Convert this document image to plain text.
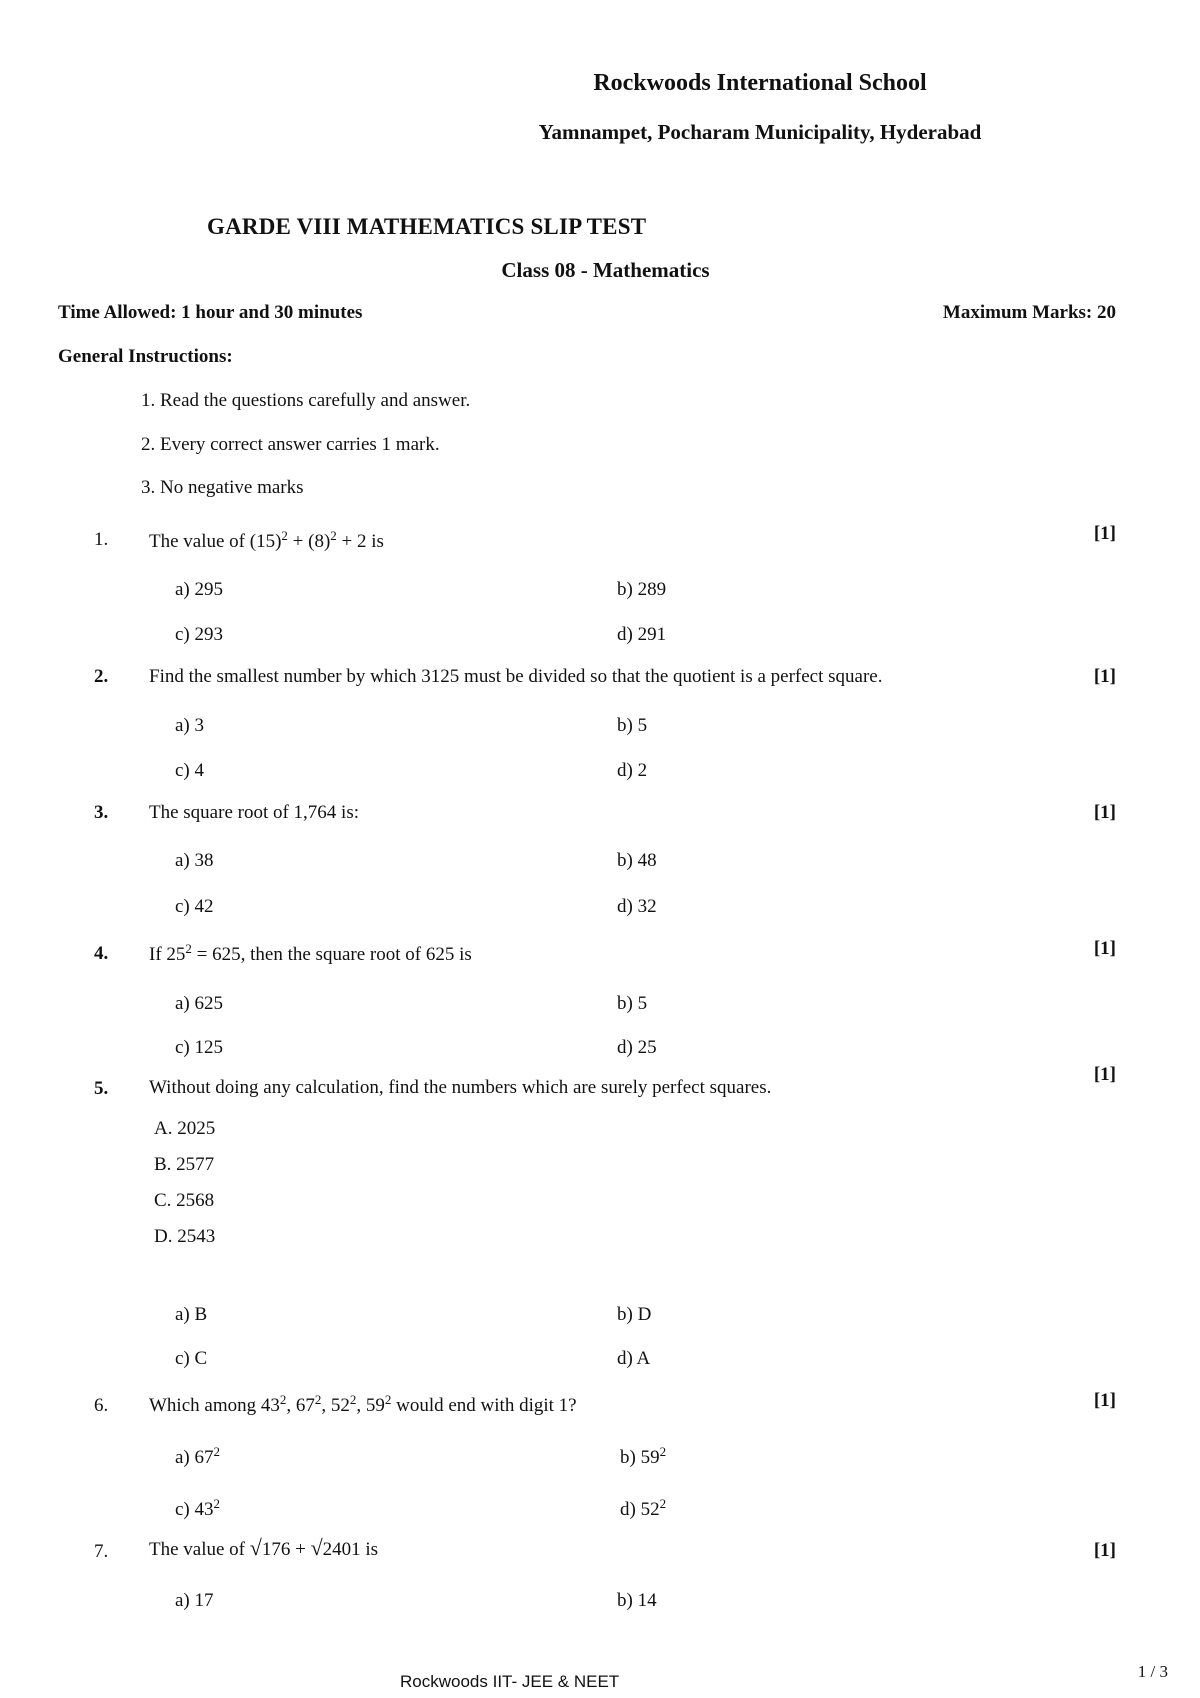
Rockwoods International School
Yamnampet, Pocharam Municipality, Hyderabad
GARDE VIII MATHEMATICS SLIP TEST
Class 08 - Mathematics
Time Allowed: 1 hour and 30 minutes	Maximum Marks: 20
General Instructions:
1. Read the questions carefully and answer.
2. Every correct answer carries 1 mark.
3. No negative marks
1. The value of $(15)^2 + (8)^2 + 2$ is	[1]
a) 295	b) 289
c) 293	d) 291
2. Find the smallest number by which 3125 must be divided so that the quotient is a perfect square.	[1]
a) 3	b) 5
c) 4	d) 2
3. The square root of 1,764 is:	[1]
a) 38	b) 48
c) 42	d) 32
4. If $25^2 = 625$, then the square root of 625 is	[1]
a) 625	b) 5
c) 125	d) 25
5. Without doing any calculation, find the numbers which are surely perfect squares.
[1]
A. 2025
B. 2577
C. 2568
D. 2543
a) B	b) D
c) C	d) A
6. Which among $43^2$, $67^2$, $52^2$, $59^2$ would end with digit 1?	[1]
a) $67^2$	b) $59^2$
c) $43^2$	d) $52^2$
7. The value of √176 + √2401 is	[1]
a) 17	b) 14
Rockwoods IIT- JEE & NEET
1 / 3
